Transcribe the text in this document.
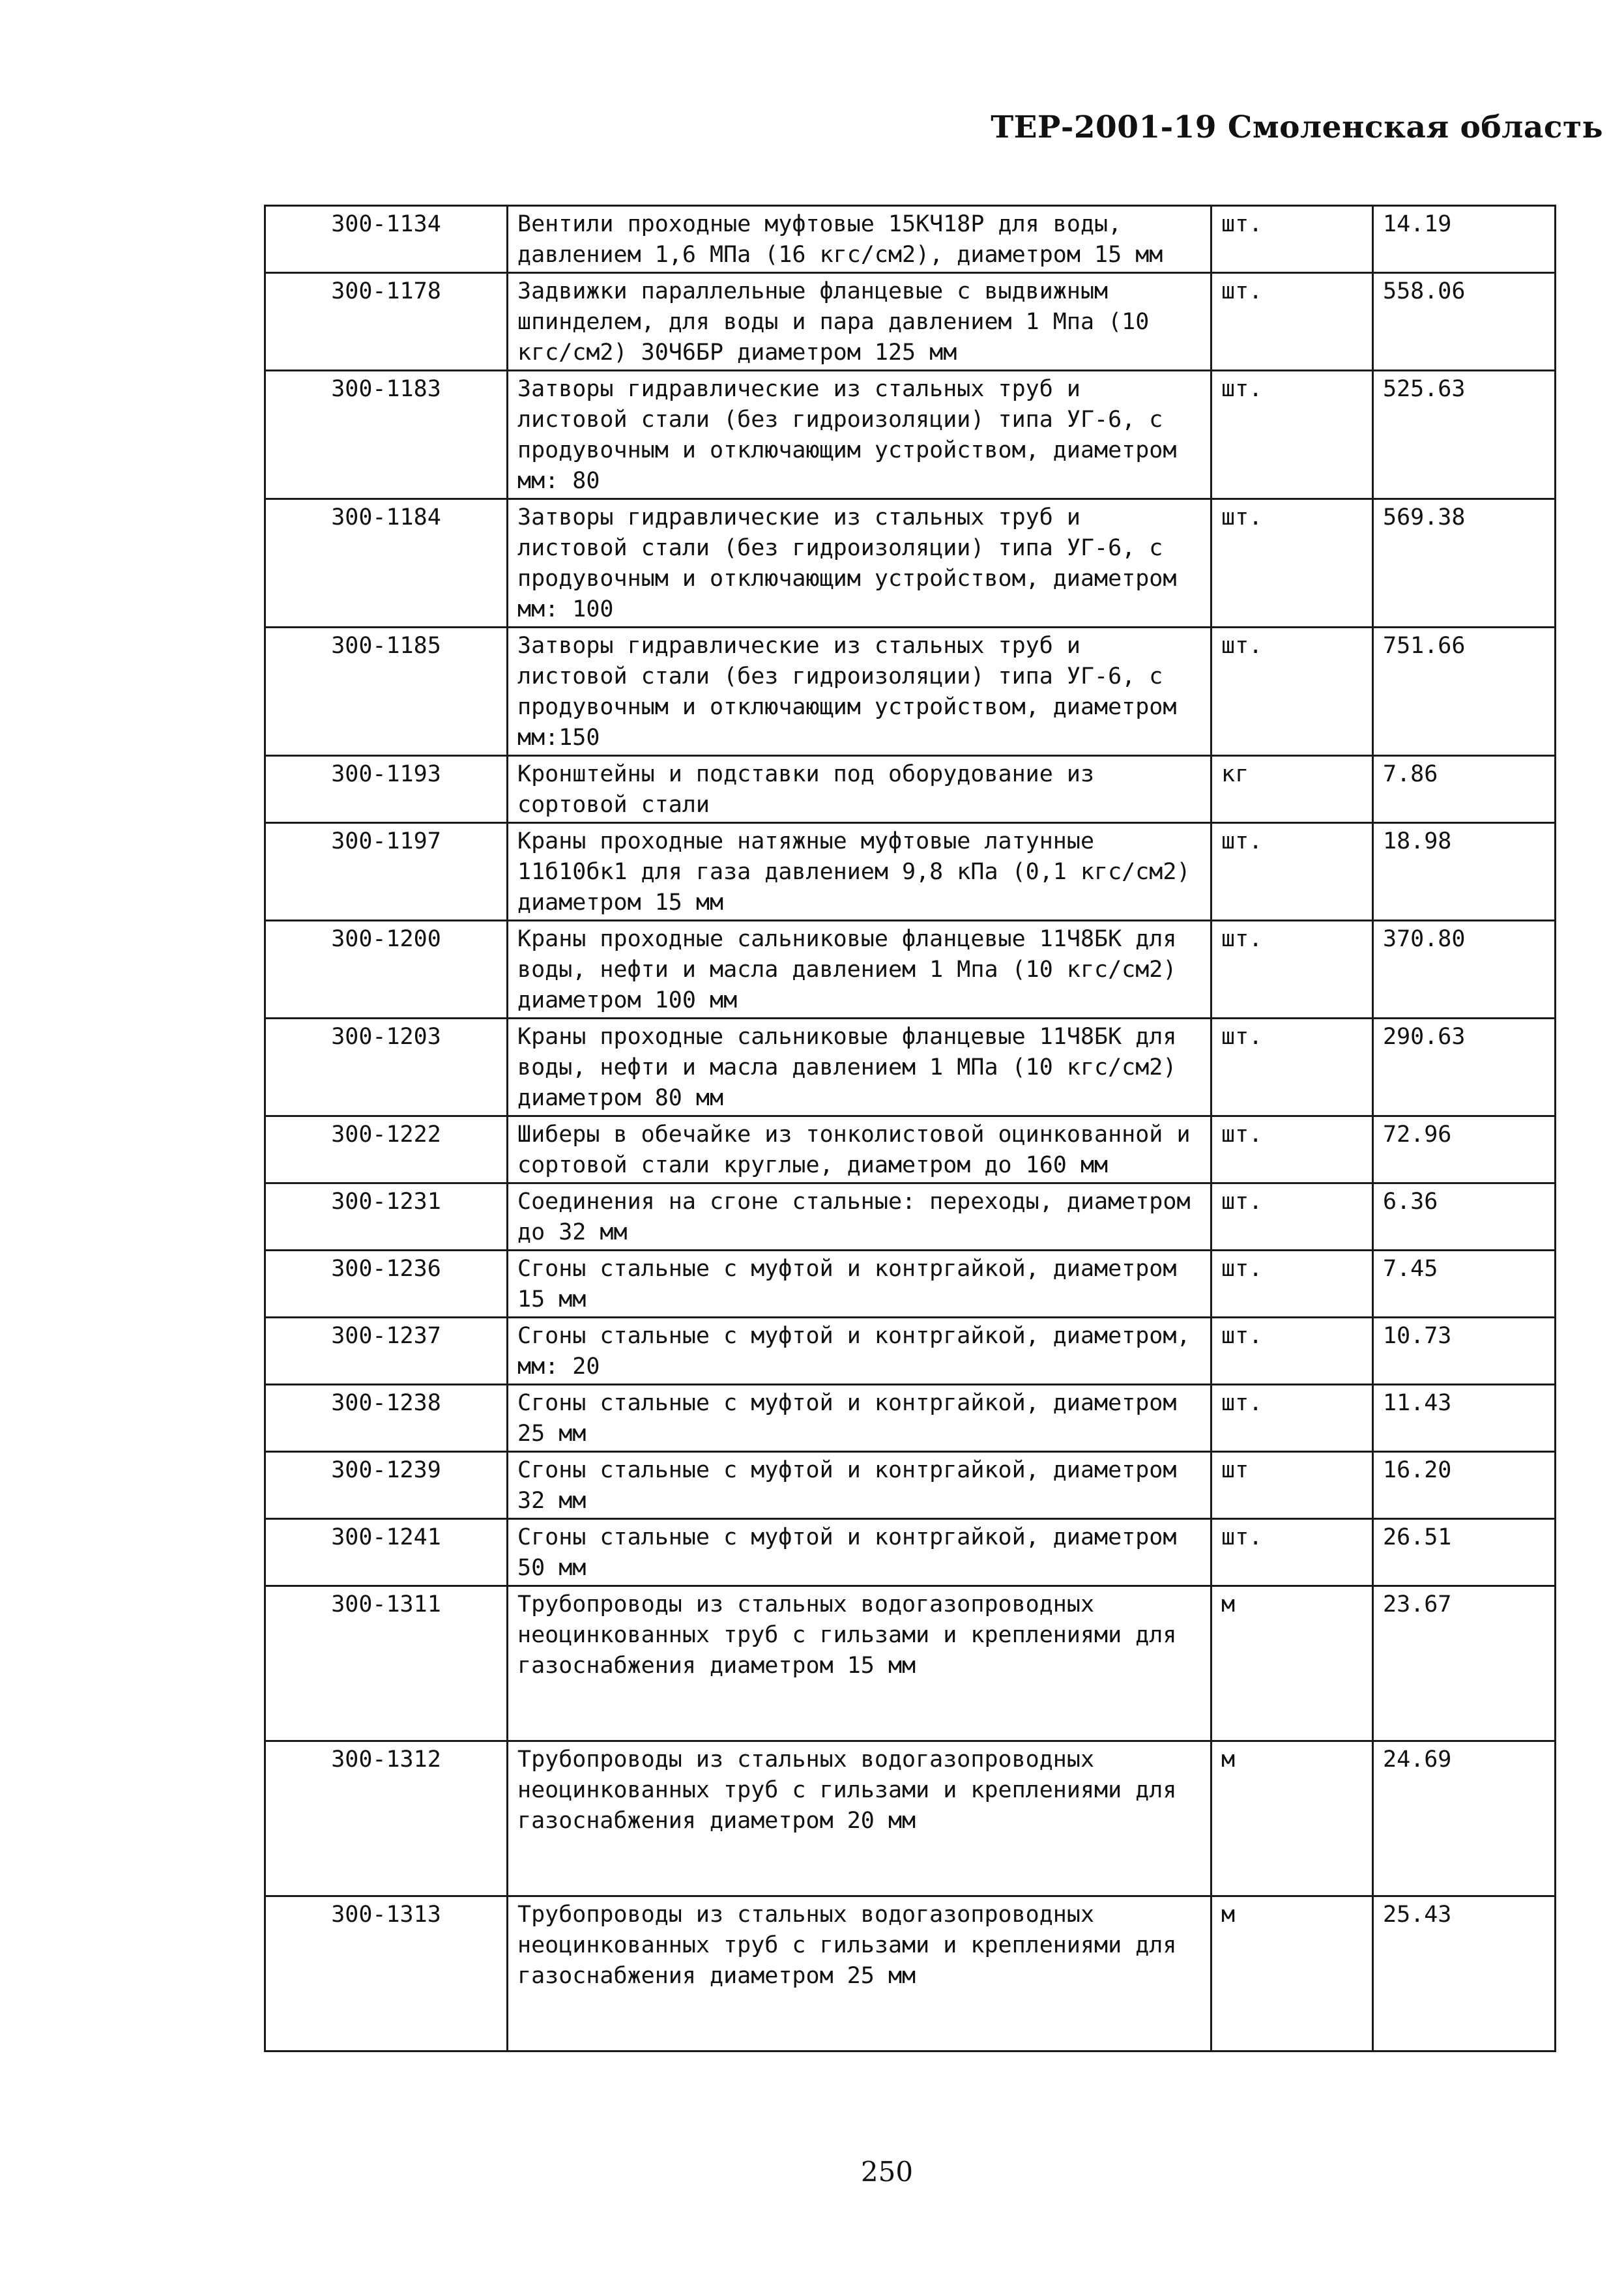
ТЕР-2001-19 Смоленская область
300-1134	Вентили проходные муфтовые 15КЧ18Р для воды, давлением 1,6 МПа (16 кгс/см2), диаметром 15 мм	шт.	14.19
300-1178	Задвижки параллельные фланцевые с выдвижным шпинделем, для воды и пара давлением 1 Мпа (10 кгс/см2) 30Ч6БР диаметром 125 мм	шт.	558.06
300-1183	Затворы гидравлические из стальных труб и листовой стали (без гидроизоляции) типа УГ-6, с продувочным и отключающим устройством, диаметром мм: 80	шт.	525.63
300-1184	Затворы гидравлические из стальных труб и листовой стали (без гидроизоляции) типа УГ-6, с продувочным и отключающим устройством, диаметром мм: 100	шт.	569.38
300-1185	Затворы гидравлические из стальных труб и листовой стали (без гидроизоляции) типа УГ-6, с продувочным и отключающим устройством, диаметром мм:150	шт.	751.66
300-1193	Кронштейны и подставки под оборудование из сортовой стали	кг	7.86
300-1197	Краны проходные натяжные муфтовые латунные 11б10бк1 для газа давлением 9,8 кПа (0,1 кгс/см2) диаметром 15 мм	шт.	18.98
300-1200	Краны проходные сальниковые фланцевые 11Ч8БК для воды, нефти и масла давлением 1 Мпа (10 кгс/см2) диаметром 100 мм	шт.	370.80
300-1203	Краны проходные сальниковые фланцевые 11Ч8БК для воды, нефти и масла давлением 1 МПа (10 кгс/см2) диаметром 80 мм	шт.	290.63
300-1222	Шиберы в обечайке из тонколистовой оцинкованной и сортовой стали круглые, диаметром до 160 мм	шт.	72.96
300-1231	Соединения на сгоне стальные: переходы, диаметром до 32 мм	шт.	6.36
300-1236	Сгоны стальные с муфтой и контргайкой, диаметром 15 мм	шт.	7.45
300-1237	Сгоны стальные с муфтой и контргайкой, диаметром, мм: 20	шт.	10.73
300-1238	Сгоны стальные с муфтой и контргайкой, диаметром 25 мм	шт.	11.43
300-1239	Сгоны стальные с муфтой и контргайкой, диаметром 32 мм	шт	16.20
300-1241	Сгоны стальные с муфтой и контргайкой, диаметром 50 мм	шт.	26.51
300-1311	Трубопроводы из стальных водогазопроводных неоцинкованных труб с гильзами и креплениями для газоснабжения диаметром 15 мм	м	23.67
300-1312	Трубопроводы из стальных водогазопроводных неоцинкованных труб с гильзами и креплениями для газоснабжения диаметром 20 мм	м	24.69
300-1313	Трубопроводы из стальных водогазопроводных неоцинкованных труб с гильзами и креплениями для газоснабжения диаметром 25 мм	м	25.43
250
